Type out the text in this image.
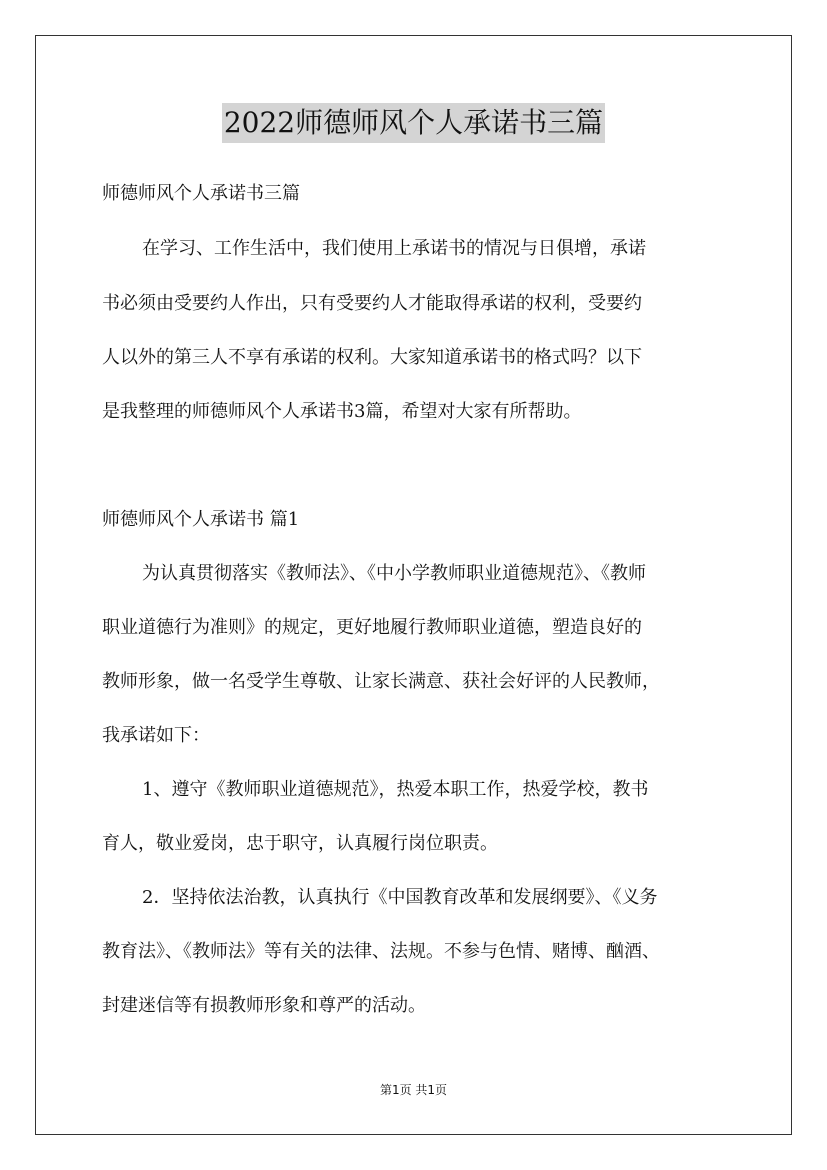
2022师德师风个人承诺书三篇
师德师风个人承诺书三篇
在学习、工作生活中，我们使用上承诺书的情况与日俱增，承诺
书必须由受要约人作出，只有受要约人才能取得承诺的权利，受要约
人以外的第三人不享有承诺的权利。大家知道承诺书的格式吗？以下
是我整理的师德师风个人承诺书3篇，希望对大家有所帮助。
师德师风个人承诺书 篇1
为认真贯彻落实《教师法》、《中小学教师职业道德规范》、《教师
职业道德行为准则》的规定，更好地履行教师职业道德，塑造良好的
教师形象，做一名受学生尊敬、让家长满意、获社会好评的人民教师，
我承诺如下：
1、遵守《教师职业道德规范》，热爱本职工作，热爱学校，教书
育人，敬业爱岗，忠于职守，认真履行岗位职责。
2．坚持依法治教，认真执行《中国教育改革和发展纲要》、《义务
教育法》、《教师法》等有关的法律、法规。不参与色情、赌博、酗酒、
封建迷信等有损教师形象和尊严的活动。
第1页 共1页
